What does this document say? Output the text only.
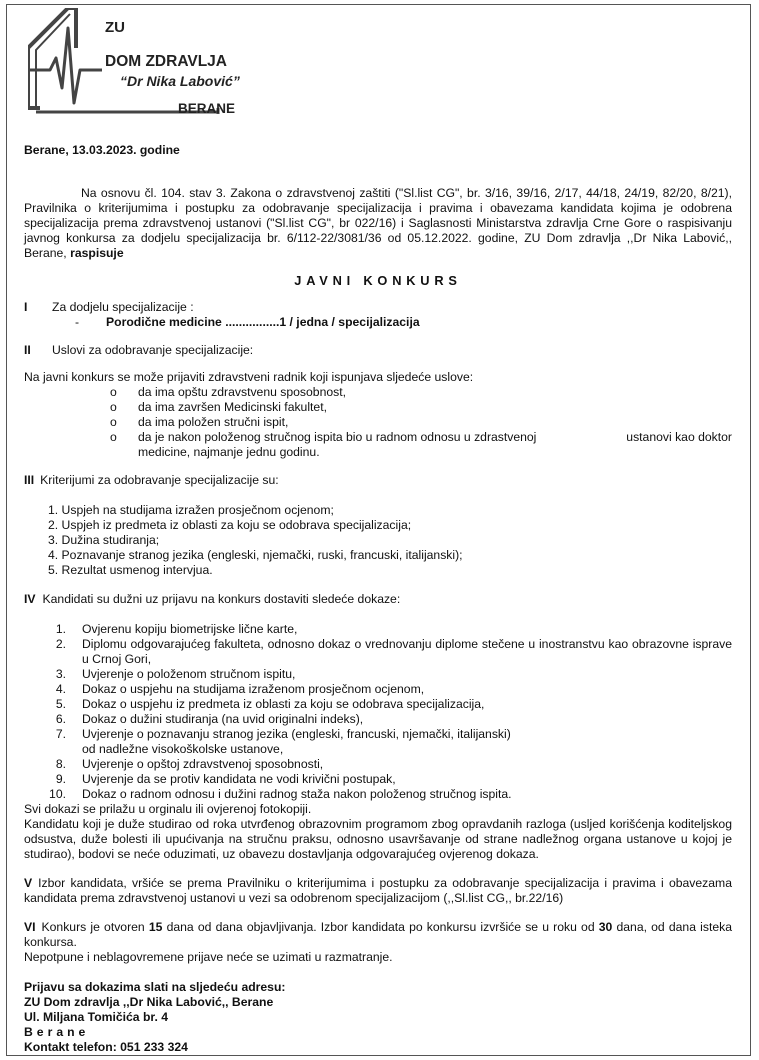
ZU
DOM ZDRAVLJA
“Dr Nika Labović”
BERANE

Berane, 13.03.2023. godine

Na osnovu čl. 104. stav 3. Zakona o zdravstvenoj zaštiti ("Sl.list CG", br. 3/16, 39/16, 2/17, 44/18, 24/19, 82/20, 8/21), Pravilnika o kriterijumima i postupku za odobravanje specijalizacija i pravima i obavezama kandidata kojima je odobrena specijalizacija prema zdravstvenoj ustanovi ("Sl.list CG", br 022/16) i Saglasnosti Ministarstva zdravlja Crne Gore o raspisivanju javnog konkursa za dodjelu specijalizacija br. 6/112-22/3081/36 od 05.12.2022. godine, ZU Dom zdravlja ,,Dr Nika Labović,, Berane, raspisuje

JAVNI KONKURS

I	Za dodjelu specijalizacije :
-	Porodične medicine ................1 / jedna / specijalizacija
II	Uslovi za odobravanje specijalizacije:

Na javni konkurs se može prijaviti zdravstveni radnik koji ispunjava sljedeće uslove:

o	da ima opštu zdravstvenu sposobnost,
o	da ima završen Medicinski fakultet,
o	da ima položen stručni ispit,
o	da je nakon položenog stručnog ispita bio u radnom odnosu u zdrastvenoj	ustanovi kao doktor
medicine, najmanje jednu godinu.
III Kriterijumi za odobravanje specijalizacije su:

1. Uspjeh na studijama izražen prosječnom ocjenom;

2. Uspjeh iz predmeta iz oblasti za koju se odobrava specijalizacija;

3. Dužina studiranja;

4. Poznavanje stranog jezika (engleski, njemački, ruski, francuski, italijanski);

5. Rezultat usmenog intervjua.

IV Kandidati su dužni uz prijavu na konkurs dostaviti sledeće dokaze:
1.	Ovjerenu kopiju biometrijske lične karte,
2.	Diplomu odgovarajućeg fakulteta, odnosno dokaz o vrednovanju diplome stečene u inostranstvu kao obrazovne isprave u Crnoj Gori,
3.	Uvjerenje o položenom stručnom ispitu,
4.	Dokaz o uspjehu na studijama izraženom prosječnom ocjenom,
5.	Dokaz o uspjehu iz predmeta iz oblasti za koju se odobrava specijalizacija,
6.	Dokaz o dužini studiranja (na uvid originalni indeks),
7.	Uvjerenje o poznavanju stranog jezika (engleski, francuski, njemački, italijanski)
od nadležne visokoškolske ustanove,
8.	Uvjerenje o opštoj zdravstvenoj sposobnosti,
9.	Uvjerenje da se protiv kandidata ne vodi krivični postupak,
10.	Dokaz o radnom odnosu i dužini radnog staža nakon položenog stručnog ispita.

Svi dokazi se prilažu u orginalu ili ovjerenoj fotokopiji.

Kandidatu koji je duže studirao od roka utvrđenog obrazovnim programom zbog opravdanih razloga (usljed korišćenja koditeljskog odsustva, duže bolesti ili upućivanja na stručnu praksu, odnosno usavršavanje od strane nadležnog organa ustanove u kojoj je studirao), bodovi se neće oduzimati, uz obavezu dostavljanja odgovarajućeg ovjerenog dokaza.

V Izbor kandidata, vršiće se prema Pravilniku o kriterijumima i postupku za odobravanje specijalizacija i pravima i obavezama kandidata prema zdravstvenoj ustanovi u vezi sa odobrenom specijalizacijom (,,Sl.list CG,, br.22/16)

VI Konkurs je otvoren 15 dana od dana objavljivanja. Izbor kandidata po konkursu izvršiće se u roku od 30 dana, od dana isteka konkursa.

Nepotpune i neblagovremene prijave neće se uzimati u razmatranje.

Prijavu sa dokazima slati na sljedeću adresu:

ZU Dom zdravlja ,,Dr Nika Labović,, Berane

Ul. Miljana Tomičića br. 4

Berane

Kontakt telefon: 051 233 324
